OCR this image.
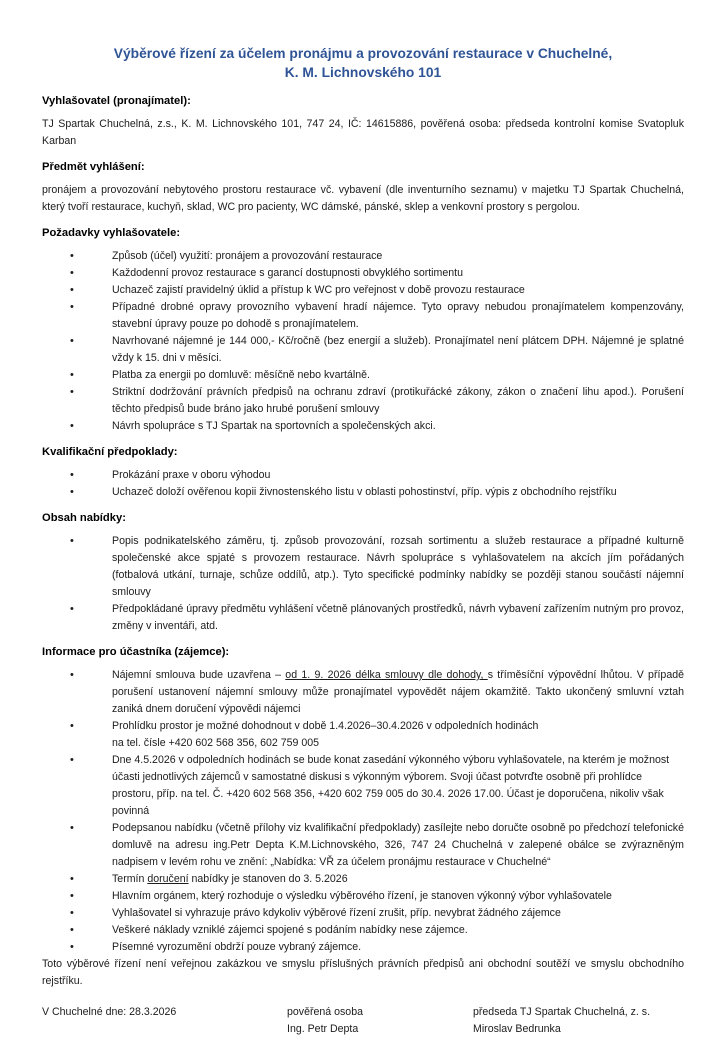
Výběrové řízení za účelem pronájmu a provozování restaurace v Chuchelné,
K. M. Lichnovského 101
Vyhlašovatel (pronajímatel):

TJ Spartak Chuchelná, z.s., K. M. Lichnovského 101, 747 24, IČ: 14615886, pověřená osoba: předseda kontrolní komise Svatopluk Karban

Předmět vyhlášení:

pronájem a provozování nebytového prostoru restaurace vč. vybavení (dle inventurního seznamu) v majetku TJ Spartak Chuchelná, který tvoří restaurace, kuchyň, sklad, WC pro pacienty, WC dámské, pánské, sklep a venkovní prostory s pergolou.

Požadavky vyhlašovatele:
• Způsob (účel) využití: pronájem a provozování restaurace
• Každodenní provoz restaurace s garancí dostupnosti obvyklého sortimentu
• Uchazeč zajistí pravidelný úklid a přístup k WC pro veřejnost v době provozu restaurace
• Případné drobné opravy provozního vybavení hradí nájemce. Tyto opravy nebudou pronajímatelem kompenzovány, stavební úpravy pouze po dohodě s pronajímatelem.
• Navrhované nájemné je 144 000,- Kč/ročně (bez energií a služeb). Pronajímatel není plátcem DPH. Nájemné je splatné vždy k 15. dni v měsíci.
• Platba za energii po domluvě: měsíčně nebo kvartálně.
• Striktní dodržování právních předpisů na ochranu zdraví (protikuřácké zákony, zákon o značení lihu apod.). Porušení těchto předpisů bude bráno jako hrubé porušení smlouvy
• Návrh spolupráce s TJ Spartak na sportovních a společenských akci.
Kvalifikační předpoklady:
• Prokázání praxe v oboru výhodou
• Uchazeč doloží ověřenou kopii živnostenského listu v oblasti pohostinství, příp. výpis z obchodního rejstříku
Obsah nabídky:
• Popis podnikatelského záměru, tj. způsob provozování, rozsah sortimentu a služeb restaurace a případné kulturně společenské akce spjaté s provozem restaurace. Návrh spolupráce s vyhlašovatelem na akcích jím pořádaných (fotbalová utkání, turnaje, schůze oddílů, atp.). Tyto specifické podmínky nabídky se později stanou součástí nájemní smlouvy
• Předpokládané úpravy předmětu vyhlášení včetně plánovaných prostředků, návrh vybavení zařízením nutným pro provoz, změny v inventáři, atd.
Informace pro účastníka (zájemce):
• Nájemní smlouva bude uzavřena – od 1. 9. 2026 délka smlouvy dle dohody, s tříměsíční výpovědní lhůtou. V případě porušení ustanovení nájemní smlouvy může pronajímatel vypovědět nájem okamžitě. Takto ukončený smluvní vztah zaniká dnem doručení výpovědi nájemci
• Prohlídku prostor je možné dohodnout v době 1.4.2026–30.4.2026 v odpoledních hodinách
na tel. čísle +420 602 568 356, 602 759 005
• Dne 4.5.2026 v odpoledních hodinách se bude konat zasedání výkonného výboru vyhlašovatele, na kterém je možnost účasti jednotlivých zájemců v samostatné diskusi s výkonným výborem. Svoji účast potvrďte osobně při prohlídce prostoru, příp. na tel. Č. +420 602 568 356, +420 602 759 005 do 30.4. 2026 17.00. Účast je doporučena, nikoliv však povinná
• Podepsanou nabídku (včetně přílohy viz kvalifikační předpoklady) zasílejte nebo doručte osobně po předchozí telefonické domluvě na adresu ing.Petr Depta K.M.Lichnovského, 326, 747 24 Chuchelná v zalepené obálce se zvýrazněným nadpisem v levém rohu ve znění: „Nabídka: VŘ za účelem pronájmu restaurace v Chuchelné“
• Termín doručení nabídky je stanoven do 3. 5.2026
• Hlavním orgánem, který rozhoduje o výsledku výběrového řízení, je stanoven výkonný výbor vyhlašovatele
• Vyhlašovatel si vyhrazuje právo kdykoliv výběrové řízení zrušit, příp. nevybrat žádného zájemce
• Veškeré náklady vzniklé zájemci spojené s podáním nabídky nese zájemce.
• Písemné vyrozumění obdrží pouze vybraný zájemce.

Toto výběrové řízení není veřejnou zakázkou ve smyslu příslušných právních předpisů ani obchodní soutěží ve smyslu obchodního rejstříku.

V Chuchelné dne: 28.3.2026	pověřená osoba
Ing. Petr Depta
předseda TJ Spartak Chuchelná, z. s.
Miroslav Bedrunka
